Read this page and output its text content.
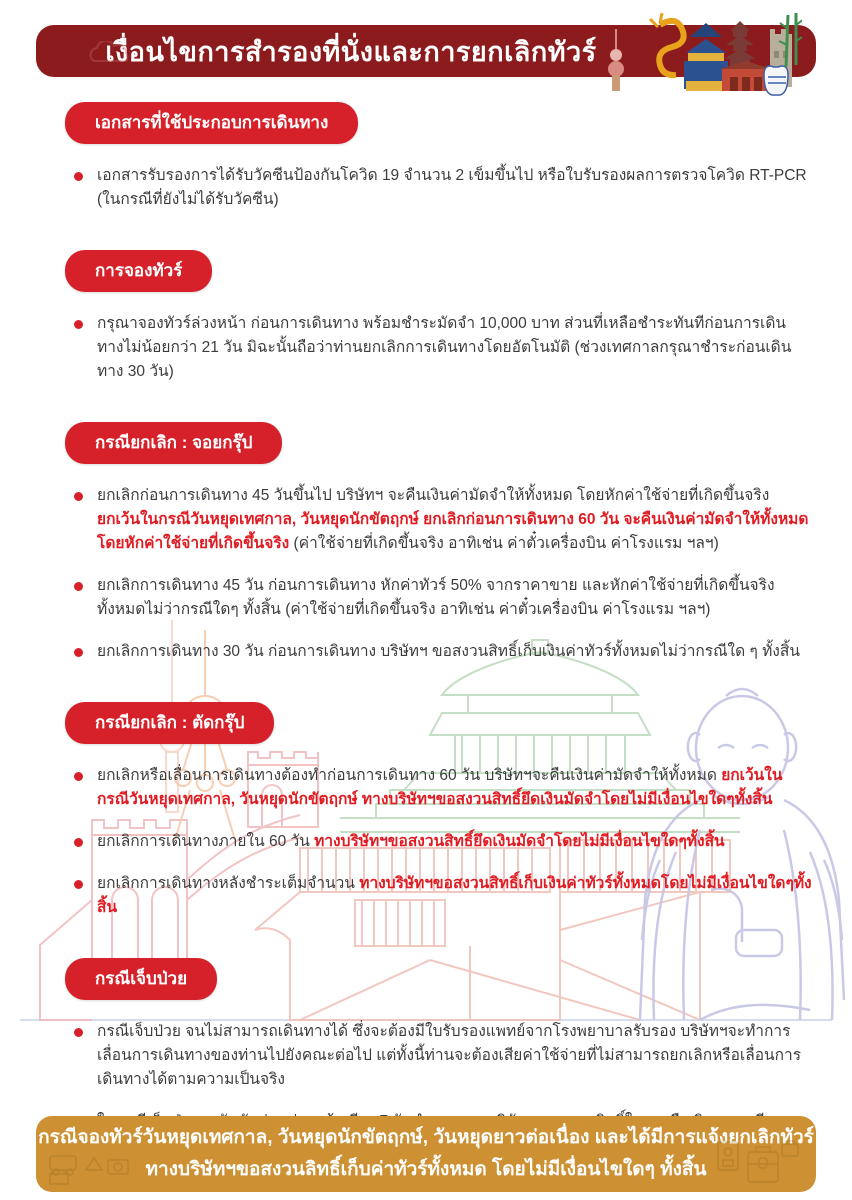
เงื่อนไขการสำรองที่นั่งและการยกเลิกทัวร์
เอกสารที่ใช้ประกอบการเดินทาง

เอกสารรับรองการได้รับวัคซีนป้องกันโควิด 19 จำนวน 2 เข็มขึ้นไป หรือใบรับรองผลการตรวจโควิด RT-PCR (ในกรณีที่ยังไม่ได้รับวัคซีน)

การจองทัวร์

กรุณาจองทัวร์ล่วงหน้า ก่อนการเดินทาง พร้อมชำระมัดจำ 10,000 บาท ส่วนที่เหลือชำระทันทีก่อนการเดินทางไม่น้อยกว่า 21 วัน มิฉะนั้นถือว่าท่านยกเลิกการเดินทางโดยอัตโนมัติ (ช่วงเทศกาลกรุณาชำระก่อนเดินทาง 30 วัน)

กรณียกเลิก : จอยกรุ๊ป

ยกเลิกก่อนการเดินทาง 45 วันขึ้นไป บริษัทฯ จะคืนเงินค่ามัดจำให้ทั้งหมด โดยหักค่าใช้จ่ายที่เกิดขึ้นจริง ยกเว้นในกรณีวันหยุดเทศกาล, วันหยุดนักขัตฤกษ์ ยกเลิกก่อนการเดินทาง 60 วัน จะคืนเงินค่ามัดจำให้ทั้งหมด โดยหักค่าใช้จ่ายที่เกิดขึ้นจริง (ค่าใช้จ่ายที่เกิดขึ้นจริง อาทิเช่น ค่าตั๋วเครื่องบิน ค่าโรงแรม ฯลฯ)

ยกเลิกการเดินทาง 45 วัน ก่อนการเดินทาง หักค่าทัวร์ 50% จากราคาขาย และหักค่าใช้จ่ายที่เกิดขึ้นจริงทั้งหมดไม่ว่ากรณีใดๆ ทั้งสิ้น (ค่าใช้จ่ายที่เกิดขึ้นจริง อาทิเช่น ค่าตั๋วเครื่องบิน ค่าโรงแรม ฯลฯ)

ยกเลิกการเดินทาง 30 วัน ก่อนการเดินทาง บริษัทฯ ขอสงวนสิทธิ์เก็บเงินค่าทัวร์ทั้งหมดไม่ว่ากรณีใด ๆ ทั้งสิ้น

กรณียกเลิก : ตัดกรุ๊ป

ยกเลิกหรือเลื่อนการเดินทางต้องทำก่อนการเดินทาง 60 วัน บริษัทฯจะคืนเงินค่ามัดจำให้ทั้งหมด ยกเว้นในกรณีวันหยุดเทศกาล, วันหยุดนักขัตฤกษ์ ทางบริษัทฯขอสงวนสิทธิ์ยึดเงินมัดจำโดยไม่มีเงื่อนไขใดๆทั้งสิ้น

ยกเลิกการเดินทางภายใน 60 วัน ทางบริษัทฯขอสงวนสิทธิ์ยึดเงินมัดจำโดยไม่มีเงื่อนไขใดๆทั้งสิ้น

ยกเลิกการเดินทางหลังชำระเต็มจำนวน ทางบริษัทฯขอสงวนสิทธิ์เก็บเงินค่าทัวร์ทั้งหมดโดยไม่มีเงื่อนไขใดๆทั้งสิ้น

กรณีเจ็บป่วย

กรณีเจ็บป่วย จนไม่สามารถเดินทางได้ ซึ่งจะต้องมีใบรับรองแพทย์จากโรงพยาบาลรับรอง บริษัทฯจะทำการเลื่อนการเดินทางของท่านไปยังคณะต่อไป แต่ทั้งนี้ท่านจะต้องเสียค่าใช้จ่ายที่ไม่สามารถยกเลิกหรือเลื่อนการเดินทางได้ตามความเป็นจริง

กรณีจองทัวร์วันหยุดเทศกาล, วันหยุดนักขัตฤกษ์, วันหยุดยาวต่อเนื่อง และได้มีการแจ้งยกเลิกทัวร์
ทางบริษัทฯขอสงวนลิทธิ์เก็บค่าทัวร์ทั้งหมด โดยไม่มีเงื่อนไขใดๆ ทั้งสิ้น
